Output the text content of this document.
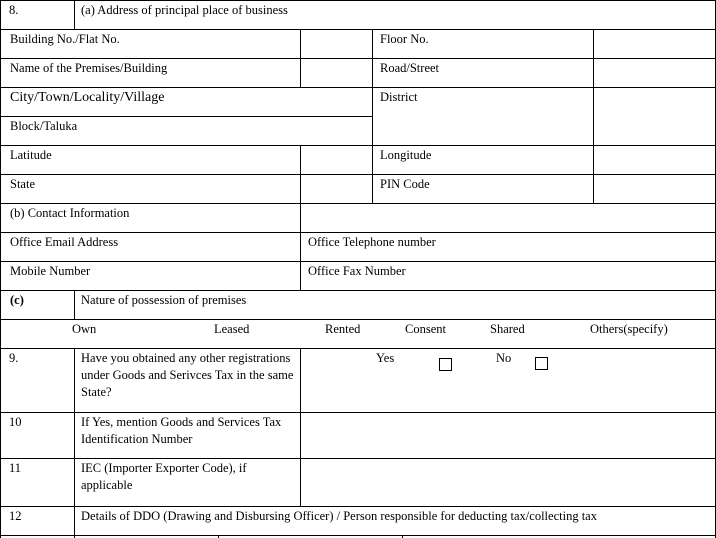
8.	(a) Address of principal place of business
Building No./Flat No.	Floor No.
Name of the Premises/Building	Road/Street
City/Town/Locality/Village	District
Block/Taluka
Latitude	Longitude
State	PIN Code
(b) Contact Information
Office Email Address	Office Telephone number
Mobile Number	Office Fax Number
(c)	Nature of possession of premises
Own	Leased	Rented	Consent	Shared	Others(specify)
9.	Have you obtained any other registrations under Goods and Serivces Tax in the same State?
Yes	No
10	If Yes, mention Goods and Services Tax Identification Number
11	IEC (Importer Exporter Code), if applicable
12	Details of DDO (Drawing and Disbursing Officer) / Person responsible for deducting tax/collecting tax
